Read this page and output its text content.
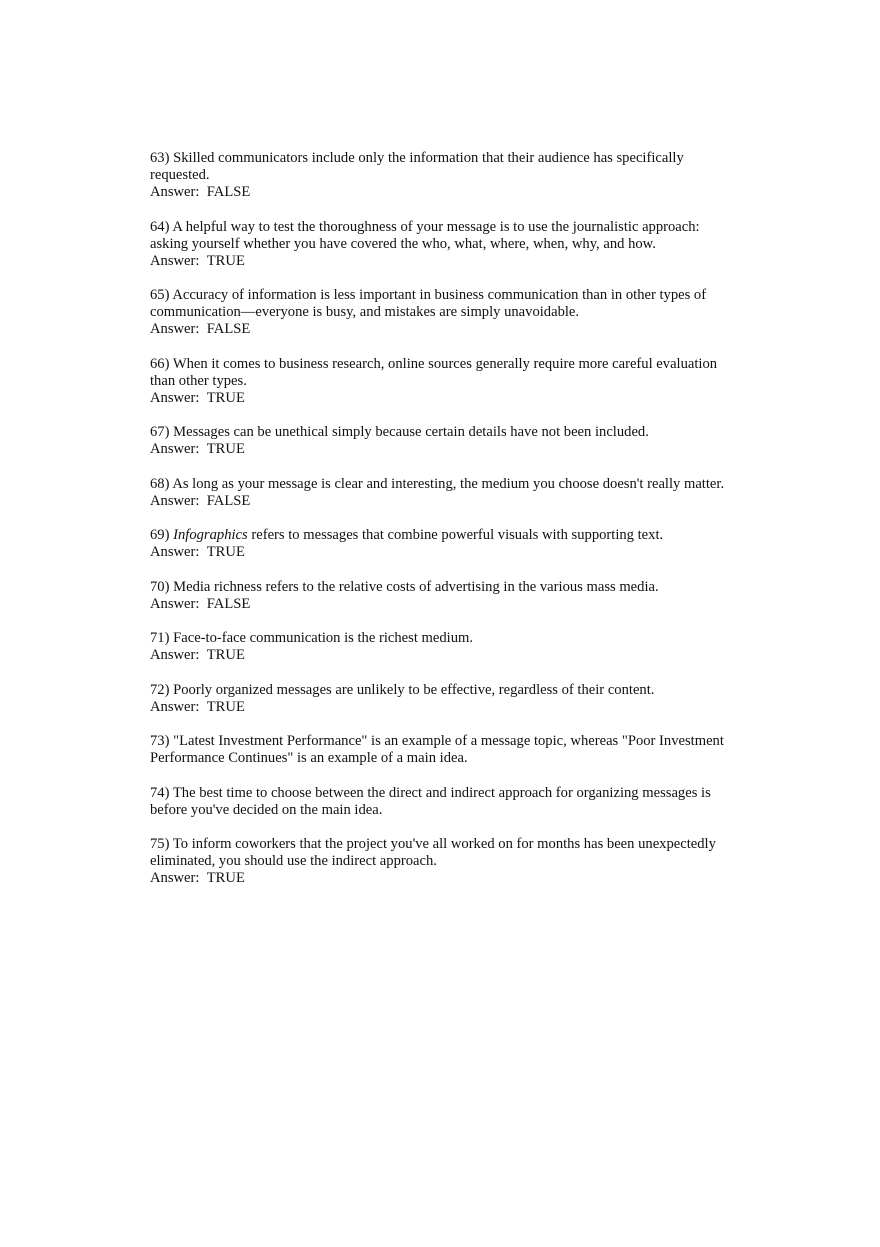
63) Skilled communicators include only the information that their audience has specifically requested.
Answer: FALSE
64) A helpful way to test the thoroughness of your message is to use the journalistic approach: asking yourself whether you have covered the who, what, where, when, why, and how.
Answer: TRUE
65) Accuracy of information is less important in business communication than in other types of communication—everyone is busy, and mistakes are simply unavoidable.
Answer: FALSE
66) When it comes to business research, online sources generally require more careful evaluation than other types.
Answer: TRUE
67) Messages can be unethical simply because certain details have not been included.
Answer: TRUE
68) As long as your message is clear and interesting, the medium you choose doesn't really matter.
Answer: FALSE
69) Infographics refers to messages that combine powerful visuals with supporting text.
Answer: TRUE
70) Media richness refers to the relative costs of advertising in the various mass media.
Answer: FALSE
71) Face-to-face communication is the richest medium.
Answer: TRUE
72) Poorly organized messages are unlikely to be effective, regardless of their content.
Answer: TRUE
73) "Latest Investment Performance" is an example of a message topic, whereas "Poor Investment Performance Continues" is an example of a main idea.
74) The best time to choose between the direct and indirect approach for organizing messages is before you've decided on the main idea.
75) To inform coworkers that the project you've all worked on for months has been unexpectedly eliminated, you should use the indirect approach.
Answer: TRUE
